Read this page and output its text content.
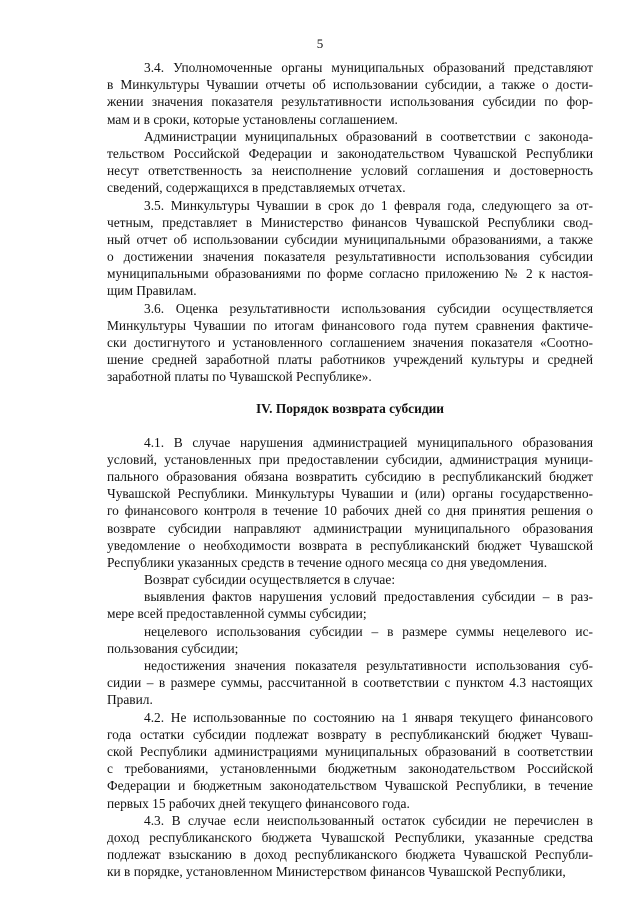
5
3.4. Уполномоченные органы муниципальных образований представляют
в Минкультуры Чувашии отчеты об использовании субсидии, а также о дости-
жении значения показателя результативности использования субсидии по фор-
мам и в сроки, которые установлены соглашением.
Администрации муниципальных образований в соответствии с законода-
тельством Российской Федерации и законодательством Чувашской Республики
несут ответственность за неисполнение условий соглашения и достоверность
сведений, содержащихся в представляемых отчетах.
3.5. Минкультуры Чувашии в срок до 1 февраля года, следующего за от-
четным, представляет в Министерство финансов Чувашской Республики свод-
ный отчет об использовании субсидии муниципальными образованиями, а также
о достижении значения показателя результативности использования субсидии
муниципальными образованиями по форме согласно приложению № 2 к настоя-
щим Правилам.
3.6. Оценка результативности использования субсидии осуществляется
Минкультуры Чувашии по итогам финансового года путем сравнения фактиче-
ски достигнутого и установленного соглашением значения показателя «Соотно-
шение средней заработной платы работников учреждений культуры и средней
заработной платы по Чувашской Республике».
IV. Порядок возврата субсидии
4.1. В случае нарушения администрацией муниципального образования
условий, установленных при предоставлении субсидии, администрация муници-
пального образования обязана возвратить субсидию в республиканский бюджет
Чувашской Республики. Минкультуры Чувашии и (или) органы государственно-
го финансового контроля в течение 10 рабочих дней со дня принятия решения о
возврате субсидии направляют администрации муниципального образования
уведомление о необходимости возврата в республиканский бюджет Чувашской
Республики указанных средств в течение одного месяца со дня уведомления.
Возврат субсидии осуществляется в случае:
выявления фактов нарушения условий предоставления субсидии – в раз-
мере всей предоставленной суммы субсидии;
нецелевого использования субсидии – в размере суммы нецелевого ис-
пользования субсидии;
недостижения значения показателя результативности использования суб-
сидии – в размере суммы, рассчитанной в соответствии с пунктом 4.3 настоящих
Правил.
4.2. Не использованные по состоянию на 1 января текущего финансового
года остатки субсидии подлежат возврату в республиканский бюджет Чуваш-
ской Республики администрациями муниципальных образований в соответствии
с требованиями, установленными бюджетным законодательством Российской
Федерации и бюджетным законодательством Чувашской Республики, в течение
первых 15 рабочих дней текущего финансового года.
4.3. В случае если неиспользованный остаток субсидии не перечислен в
доход республиканского бюджета Чувашской Республики, указанные средства
подлежат взысканию в доход республиканского бюджета Чувашской Республи-
ки в порядке, установленном Министерством финансов Чувашской Республики,
